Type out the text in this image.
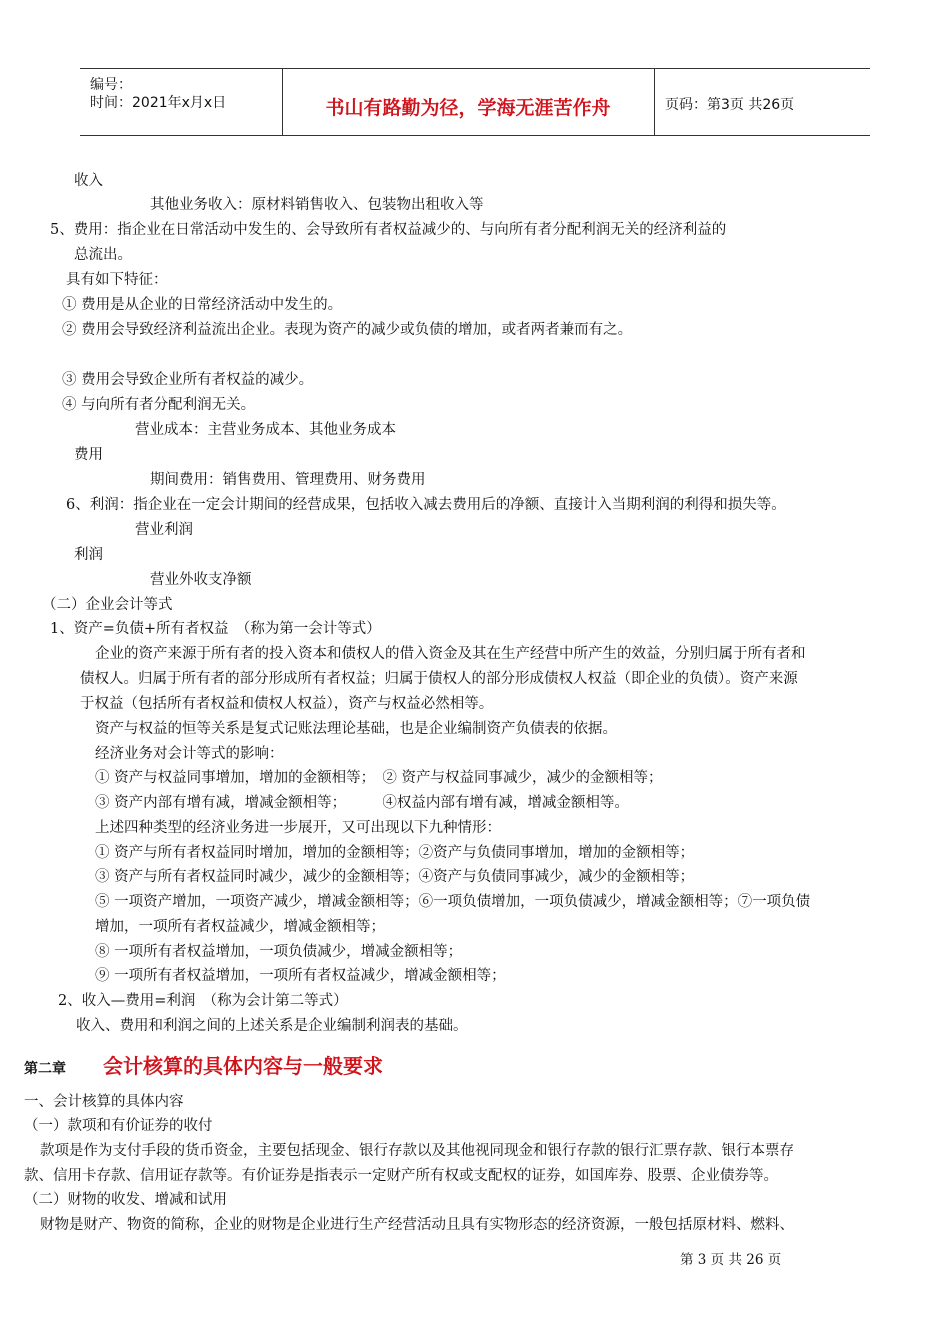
编号：
时间：2021年x月x日	书山有路勤为径，学海无涯苦作舟	页码：第3页 共26页
收入
其他业务收入：原材料销售收入、包装物出租收入等
5、费用：指企业在日常活动中发生的、会导致所有者权益减少的、与向所有者分配利润无关的经济利益的
总流出。
具有如下特征：
① 费用是从企业的日常经济活动中发生的。
② 费用会导致经济利益流出企业。表现为资产的减少或负债的增加，或者两者兼而有之。
③ 费用会导致企业所有者权益的减少。
④ 与向所有者分配利润无关。
营业成本：主营业务成本、其他业务成本
费用
期间费用：销售费用、管理费用、财务费用
6、利润：指企业在一定会计期间的经营成果，包括收入减去费用后的净额、直接计入当期利润的利得和损失等。
营业利润
利润
营业外收支净额
（二）企业会计等式
1、资产=负债+所有者权益　（称为第一会计等式）
企业的资产来源于所有者的投入资本和债权人的借入资金及其在生产经营中所产生的效益，分别归属于所有者和
债权人。归属于所有者的部分形成所有者权益；归属于债权人的部分形成债权人权益（即企业的负债）。资产来源
于权益（包括所有者权益和债权人权益），资产与权益必然相等。
资产与权益的恒等关系是复式记账法理论基础，也是企业编制资产负债表的依据。
经济业务对会计等式的影响：
① 资产与权益同事增加，增加的金额相等；　② 资产与权益同事减少，减少的金额相等；
③ 资产内部有增有减，增减金额相等；　　　④权益内部有增有减，增减金额相等。
上述四种类型的经济业务进一步展开，又可出现以下九种情形：
① 资产与所有者权益同时增加，增加的金额相等；②资产与负债同事增加，增加的金额相等；
③ 资产与所有者权益同时减少，减少的金额相等；④资产与负债同事减少，减少的金额相等；
⑤ 一项资产增加，一项资产减少，增减金额相等；⑥一项负债增加，一项负债减少，增减金额相等；⑦一项负债
增加，一项所有者权益减少，增减金额相等；
⑧ 一项所有者权益增加，一项负债减少，增减金额相等；
⑨ 一项所有者权益增加，一项所有者权益减少，增减金额相等；
2、收入—费用=利润　（称为会计第二等式）
收入、费用和利润之间的上述关系是企业编制利润表的基础。
第二章 会计核算的具体内容与一般要求
一、会计核算的具体内容
（一）款项和有价证券的收付
款项是作为支付手段的货币资金，主要包括现金、银行存款以及其他视同现金和银行存款的银行汇票存款、银行本票存
款、信用卡存款、信用证存款等。有价证券是指表示一定财产所有权或支配权的证券，如国库券、股票、企业债券等。
（二）财物的收发、增减和试用
财物是财产、物资的简称，企业的财物是企业进行生产经营活动且具有实物形态的经济资源，一般包括原材料、燃料、
第 3 页 共 26 页
